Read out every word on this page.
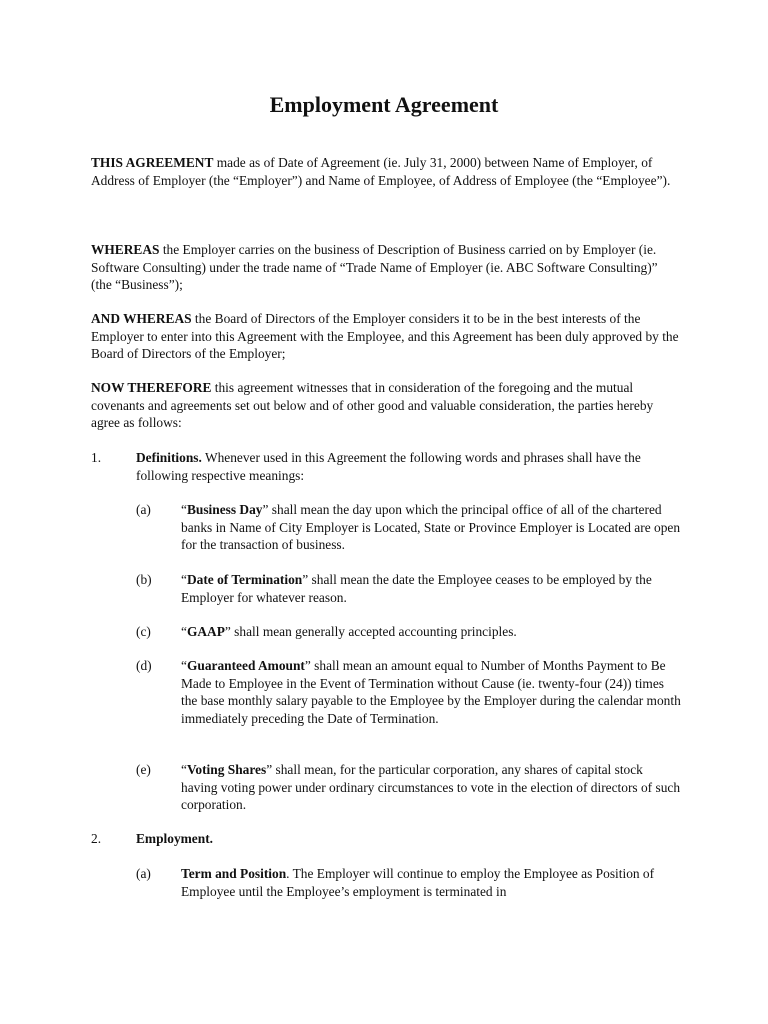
Employment Agreement

THIS AGREEMENT made as of Date of Agreement (ie. July 31, 2000) between Name of Employer, of Address of Employer (the “Employer”) and Name of Employee, of Address of Employee (the “Employee”).

WHEREAS the Employer carries on the business of Description of Business carried on by Employer (ie. Software Consulting) under the trade name of “Trade Name of Employer (ie. ABC Software Consulting)” (the “Business”);

AND WHEREAS the Board of Directors of the Employer considers it to be in the best interests of the Employer to enter into this Agreement with the Employee, and this Agreement has been duly approved by the Board of Directors of the Employer;

NOW THEREFORE this agreement witnesses that in consideration of the foregoing and the mutual covenants and agreements set out below and of other good and valuable consideration, the parties hereby agree as follows:

1.	Definitions. Whenever used in this Agreement the following words and phrases shall have the following respective meanings:

(a) “Business Day” shall mean the day upon which the principal office of all of the chartered banks in Name of City Employer is Located, State or Province Employer is Located are open for the transaction of business.

(b) “Date of Termination” shall mean the date the Employee ceases to be employed by the Employer for whatever reason.

(c) “GAAP” shall mean generally accepted accounting principles.

(d) “Guaranteed Amount” shall mean an amount equal to Number of Months Payment to Be Made to Employee in the Event of Termination without Cause (ie. twenty-four (24)) times the base monthly salary payable to the Employee by the Employer during the calendar month immediately preceding the Date of Termination.

(e) “Voting Shares” shall mean, for the particular corporation, any shares of capital stock having voting power under ordinary circumstances to vote in the election of directors of such corporation.

2.	Employment.

(a) Term and Position. The Employer will continue to employ the Employee as Position of Employee until the Employee’s employment is terminated in
